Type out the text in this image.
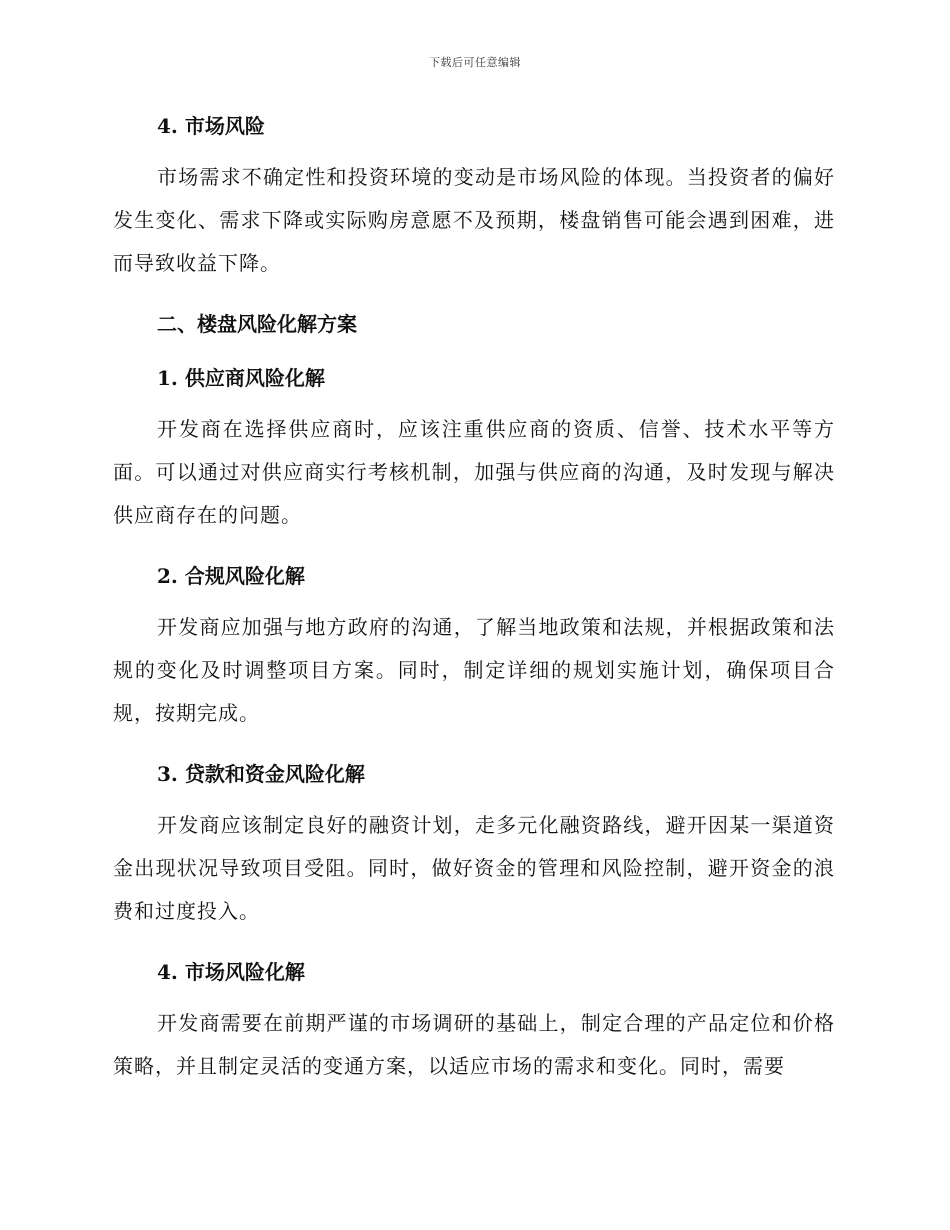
下载后可任意编辑

4. 市场风险

市场需求不确定性和投资环境的变动是市场风险的体现。当投资者的偏好发生变化、需求下降或实际购房意愿不及预期，楼盘销售可能会遇到困难，进而导致收益下降。

二、楼盘风险化解方案

1. 供应商风险化解

开发商在选择供应商时，应该注重供应商的资质、信誉、技术水平等方面。可以通过对供应商实行考核机制，加强与供应商的沟通，及时发现与解决供应商存在的问题。

2. 合规风险化解

开发商应加强与地方政府的沟通，了解当地政策和法规，并根据政策和法规的变化及时调整项目方案。同时，制定详细的规划实施计划，确保项目合规，按期完成。

3. 贷款和资金风险化解

开发商应该制定良好的融资计划，走多元化融资路线，避开因某一渠道资金出现状况导致项目受阻。同时，做好资金的管理和风险控制，避开资金的浪费和过度投入。

4. 市场风险化解

开发商需要在前期严谨的市场调研的基础上，制定合理的产品定位和价格策略，并且制定灵活的变通方案，以适应市场的需求和变化。同时，需要
